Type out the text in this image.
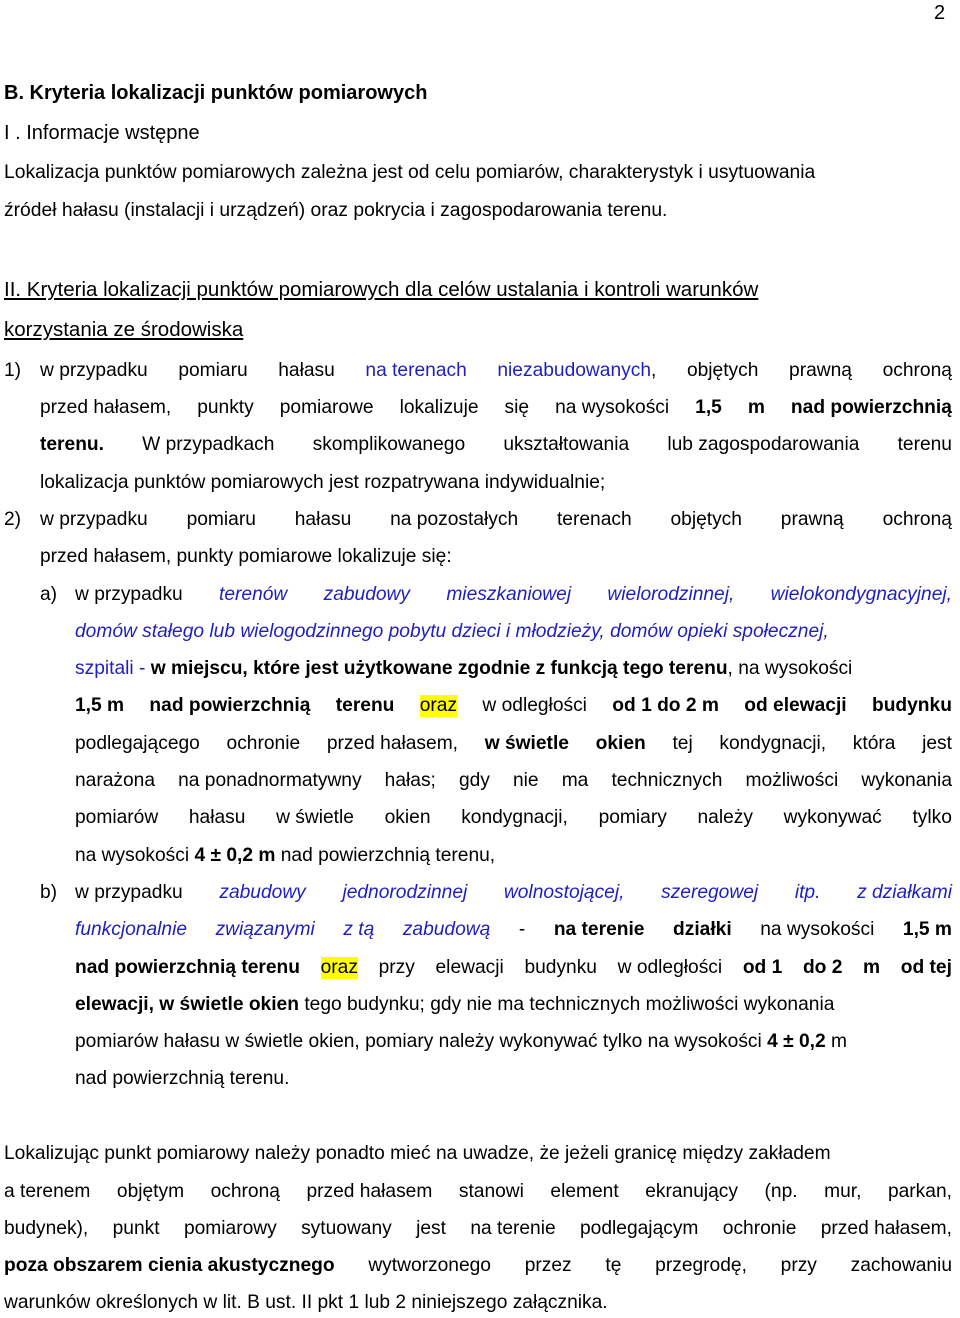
2
B. Kryteria lokalizacji punktów pomiarowych
I . Informacje wstępne
Lokalizacja punktów pomiarowych zależna jest od celu pomiarów, charakterystyk i usytuowania
źródeł hałasu (instalacji i urządzeń) oraz pokrycia i zagospodarowania terenu.
II. Kryteria lokalizacji punktów pomiarowych dla celów ustalania i kontroli warunków
korzystania ze środowiska
1) w przypadku pomiaru hałasu na terenach niezabudowanych, objętych prawną ochroną
przed hałasem, punkty pomiarowe lokalizuje się na wysokości 1,5 m nad powierzchnią
terenu. W przypadkach skomplikowanego ukształtowania lub zagospodarowania terenu
lokalizacja punktów pomiarowych jest rozpatrywana indywidualnie;
2) w przypadku pomiaru hałasu na pozostałych terenach objętych prawną ochroną
przed hałasem, punkty pomiarowe lokalizuje się:
a) w przypadku terenów zabudowy mieszkaniowej wielorodzinnej, wielokondygnacyjnej,
domów stałego lub wielogodzinnego pobytu dzieci i młodzieży, domów opieki społecznej,
szpitali - w miejscu, które jest użytkowane zgodnie z funkcją tego terenu, na wysokości
1,5 m nad powierzchnią terenu oraz w odległości od 1 do 2 m od elewacji budynku
podlegającego ochronie przed hałasem, w świetle okien tej kondygnacji, która jest
narażona na ponadnormatywny hałas; gdy nie ma technicznych możliwości wykonania
pomiarów hałasu w świetle okien kondygnacji, pomiary należy wykonywać tylko
na wysokości 4 ± 0,2 m nad powierzchnią terenu,
b) w przypadku zabudowy jednorodzinnej wolnostojącej, szeregowej itp. z działkami
funkcjonalnie związanymi z tą zabudową - na terenie działki na wysokości 1,5 m
nad powierzchnią terenu oraz przy elewacji budynku w odległości od 1 do 2 m od tej
elewacji, w świetle okien tego budynku; gdy nie ma technicznych możliwości wykonania
pomiarów hałasu w świetle okien, pomiary należy wykonywać tylko na wysokości 4 ± 0,2 m
nad powierzchnią terenu.
Lokalizując punkt pomiarowy należy ponadto mieć na uwadze, że jeżeli granicę między zakładem
a terenem objętym ochroną przed hałasem stanowi element ekranujący (np. mur, parkan,
budynek), punkt pomiarowy sytuowany jest na terenie podlegającym ochronie przed hałasem,
poza obszarem cienia akustycznego wytworzonego przez tę przegrodę, przy zachowaniu
warunków określonych w lit. B ust. II pkt 1 lub 2 niniejszego załącznika.
